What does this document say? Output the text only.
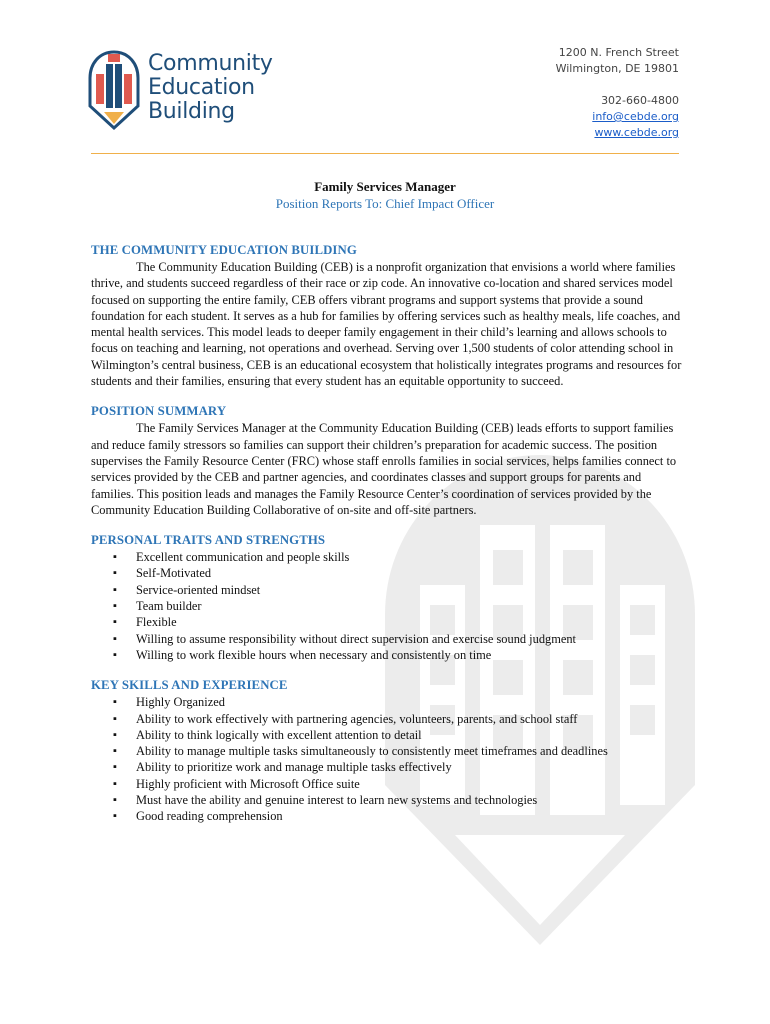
Community
Education
Building
1200 N. French Street
Wilmington, DE 19801
302-660-4800
info@cebde.org
www.cebde.org
Family Services Manager
Position Reports To: Chief Impact Officer
THE COMMUNITY EDUCATION BUILDING

The Community Education Building (CEB) is a nonprofit organization that envisions a world where families thrive, and students succeed regardless of their race or zip code. An innovative co-location and shared services model focused on supporting the entire family, CEB offers vibrant programs and support systems that provide a sound foundation for each student. It serves as a hub for families by offering services such as healthy meals, life coaches, and mental health services. This model leads to deeper family engagement in their child’s learning and allows schools to focus on teaching and learning, not operations and overhead. Serving over 1,500 students of color attending school in Wilmington’s central business, CEB is an educational ecosystem that holistically integrates programs and resources for students and their families, ensuring that every student has an equitable opportunity to succeed.

POSITION SUMMARY

The Family Services Manager at the Community Education Building (CEB) leads efforts to support families and reduce family stressors so families can support their children’s preparation for academic success. The position supervises the Family Resource Center (FRC) whose staff enrolls families in social services, helps families connect to services provided by the CEB and partner agencies, and coordinates classes and support groups for parents and families. This position leads and manages the Family Resource Center’s coordination of services provided by the Community Education Building Collaborative of on-site and off-site partners.

PERSONAL TRAITS AND STRENGTHS
▪ Excellent communication and people skills
▪ Self-Motivated
▪ Service-oriented mindset
▪ Team builder
▪ Flexible
▪ Willing to assume responsibility without direct supervision and exercise sound judgment
▪ Willing to work flexible hours when necessary and consistently on time
KEY SKILLS AND EXPERIENCE
▪ Highly Organized
▪ Ability to work effectively with partnering agencies, volunteers, parents, and school staff
▪ Ability to think logically with excellent attention to detail
▪ Ability to manage multiple tasks simultaneously to consistently meet timeframes and deadlines
▪ Ability to prioritize work and manage multiple tasks effectively
▪ Highly proficient with Microsoft Office suite
▪ Must have the ability and genuine interest to learn new systems and technologies
▪ Good reading comprehension
